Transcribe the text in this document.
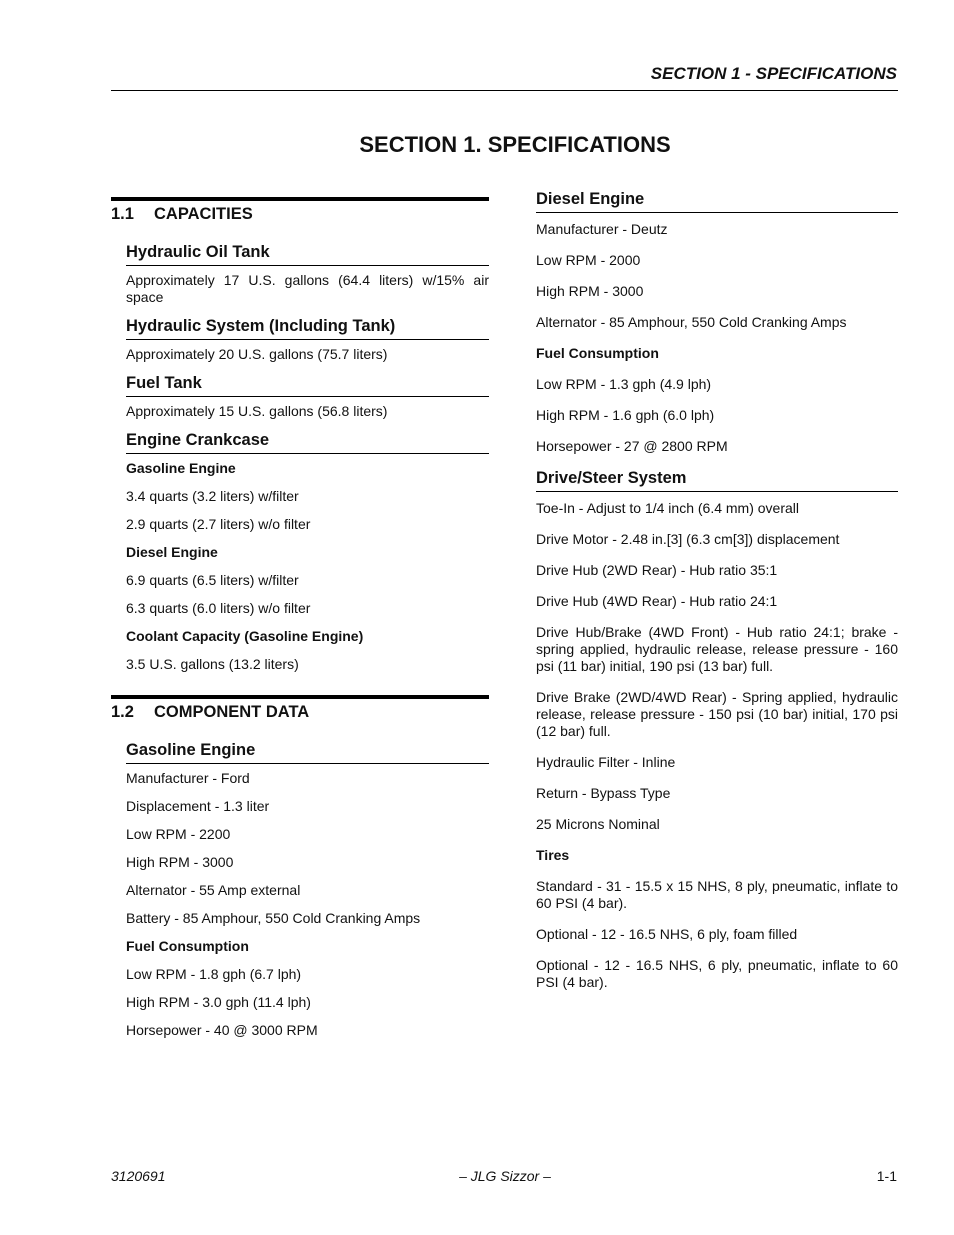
SECTION 1 - SPECIFICATIONS
SECTION 1. SPECIFICATIONS
1.1 CAPACITIES
Hydraulic Oil Tank
Approximately 17 U.S. gallons (64.4 liters) w/15% air space
Hydraulic System (Including Tank)
Approximately 20 U.S. gallons (75.7 liters)
Fuel Tank
Approximately 15 U.S. gallons (56.8 liters)
Engine Crankcase
Gasoline Engine
3.4 quarts (3.2 liters) w/filter
2.9 quarts (2.7 liters) w/o filter
Diesel Engine
6.9 quarts (6.5 liters) w/filter
6.3 quarts (6.0 liters) w/o filter
Coolant Capacity (Gasoline Engine)
3.5 U.S. gallons (13.2 liters)
1.2 COMPONENT DATA
Gasoline Engine
Manufacturer - Ford
Displacement - 1.3 liter
Low RPM - 2200
High RPM - 3000
Alternator - 55 Amp external
Battery - 85 Amphour, 550 Cold Cranking Amps
Fuel Consumption
Low RPM - 1.8 gph (6.7 lph)
High RPM - 3.0 gph (11.4 lph)
Horsepower - 40 @ 3000 RPM
Diesel Engine
Manufacturer - Deutz
Low RPM - 2000
High RPM - 3000
Alternator - 85 Amphour, 550 Cold Cranking Amps
Fuel Consumption
Low RPM - 1.3 gph (4.9 lph)
High RPM - 1.6 gph (6.0 lph)
Horsepower - 27 @ 2800 RPM
Drive/Steer System
Toe-In - Adjust to 1/4 inch (6.4 mm) overall
Drive Motor - 2.48 in.[3] (6.3 cm[3]) displacement
Drive Hub (2WD Rear) - Hub ratio 35:1
Drive Hub (4WD Rear) - Hub ratio 24:1
Drive Hub/Brake (4WD Front) - Hub ratio 24:1; brake - spring applied, hydraulic release, release pressure - 160 psi (11 bar) initial, 190 psi (13 bar) full.
Drive Brake (2WD/4WD Rear) - Spring applied, hydraulic release, release pressure - 150 psi (10 bar) initial, 170 psi (12 bar) full.
Hydraulic Filter - Inline
Return - Bypass Type
25 Microns Nominal
Tires
Standard - 31 - 15.5 x 15 NHS, 8 ply, pneumatic, inflate to 60 PSI (4 bar).
Optional - 12 - 16.5 NHS, 6 ply, foam filled
Optional - 12 - 16.5 NHS, 6 ply, pneumatic, inflate to 60 PSI (4 bar).
3120691	– JLG Sizzor –	1-1
